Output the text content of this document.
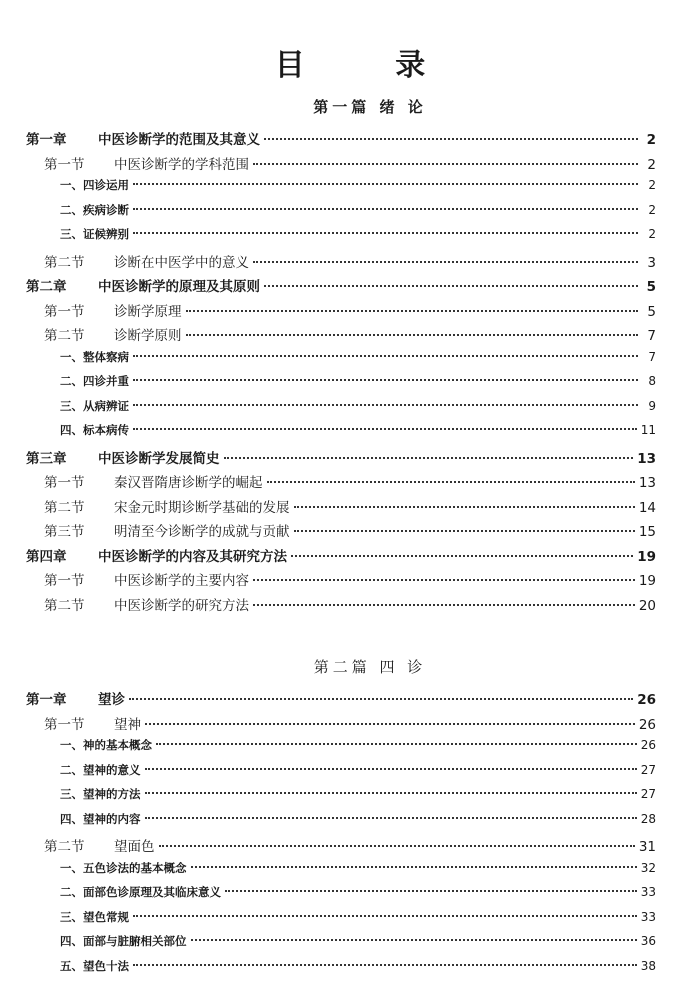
目 录
第一篇 绪 论
第一章	中医诊断学的范围及其意义	2
第一节	中医诊断学的学科范围	2
一、四诊运用	2
二、疾病诊断	2
三、证候辨别	2
第二节	诊断在中医学中的意义	3
第二章	中医诊断学的原理及其原则	5
第一节	诊断学原理	5
第二节	诊断学原则	7
一、整体察病	7
二、四诊并重	8
三、从病辨证	9
四、标本病传	11
第三章	中医诊断学发展简史	13
第一节	秦汉晋隋唐诊断学的崛起	13
第二节	宋金元时期诊断学基础的发展	14
第三节	明清至今诊断学的成就与贡献	15
第四章	中医诊断学的内容及其研究方法	19
第一节	中医诊断学的主要内容	19
第二节	中医诊断学的研究方法	20
第二篇 四 诊
第一章	望诊	26
第一节	望神	26
一、神的基本概念	26
二、望神的意义	27
三、望神的方法	27
四、望神的内容	28
第二节	望面色	31
一、五色诊法的基本概念	32
二、面部色诊原理及其临床意义	33
三、望色常规	33
四、面部与脏腑相关部位	36
五、望色十法	38
